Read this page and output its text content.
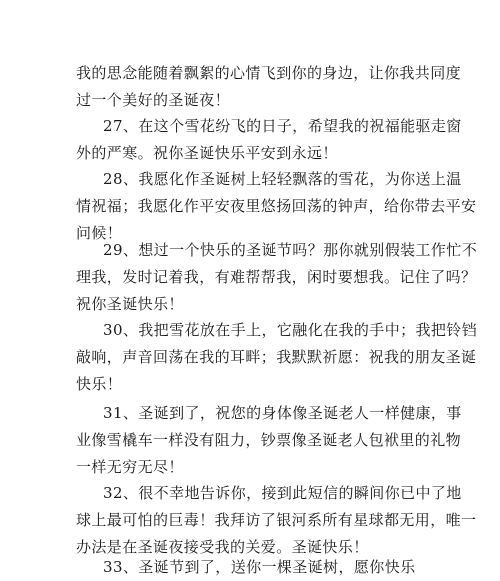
我的思念能随着飘絮的心情飞到你的身边，让你我共同度
过一个美好的圣诞夜！

27、在这个雪花纷飞的日子，希望我的祝福能驱走窗
外的严寒。祝你圣诞快乐平安到永远！

28、我愿化作圣诞树上轻轻飘落的雪花，为你送上温
情祝福；我愿化作平安夜里悠扬回荡的钟声，给你带去平安
问候！

29、想过一个快乐的圣诞节吗？那你就别假装工作忙不
理我，发时记着我，有难帮帮我，闲时要想我。记住了吗？
祝你圣诞快乐！

30、我把雪花放在手上，它融化在我的手中；我把铃铛
敲响，声音回荡在我的耳畔；我默默祈愿：祝我的朋友圣诞
快乐！

31、圣诞到了，祝您的身体像圣诞老人一样健康，事
业像雪橇车一样没有阻力，钞票像圣诞老人包袱里的礼物
一样无穷无尽！

32、很不幸地告诉你，接到此短信的瞬间你已中了地
球上最可怕的巨毒！我拜访了银河系所有星球都无用，唯一
办法是在圣诞夜接受我的关爱。圣诞快乐！

33、圣诞节到了，送你一棵圣诞树，愿你快乐
